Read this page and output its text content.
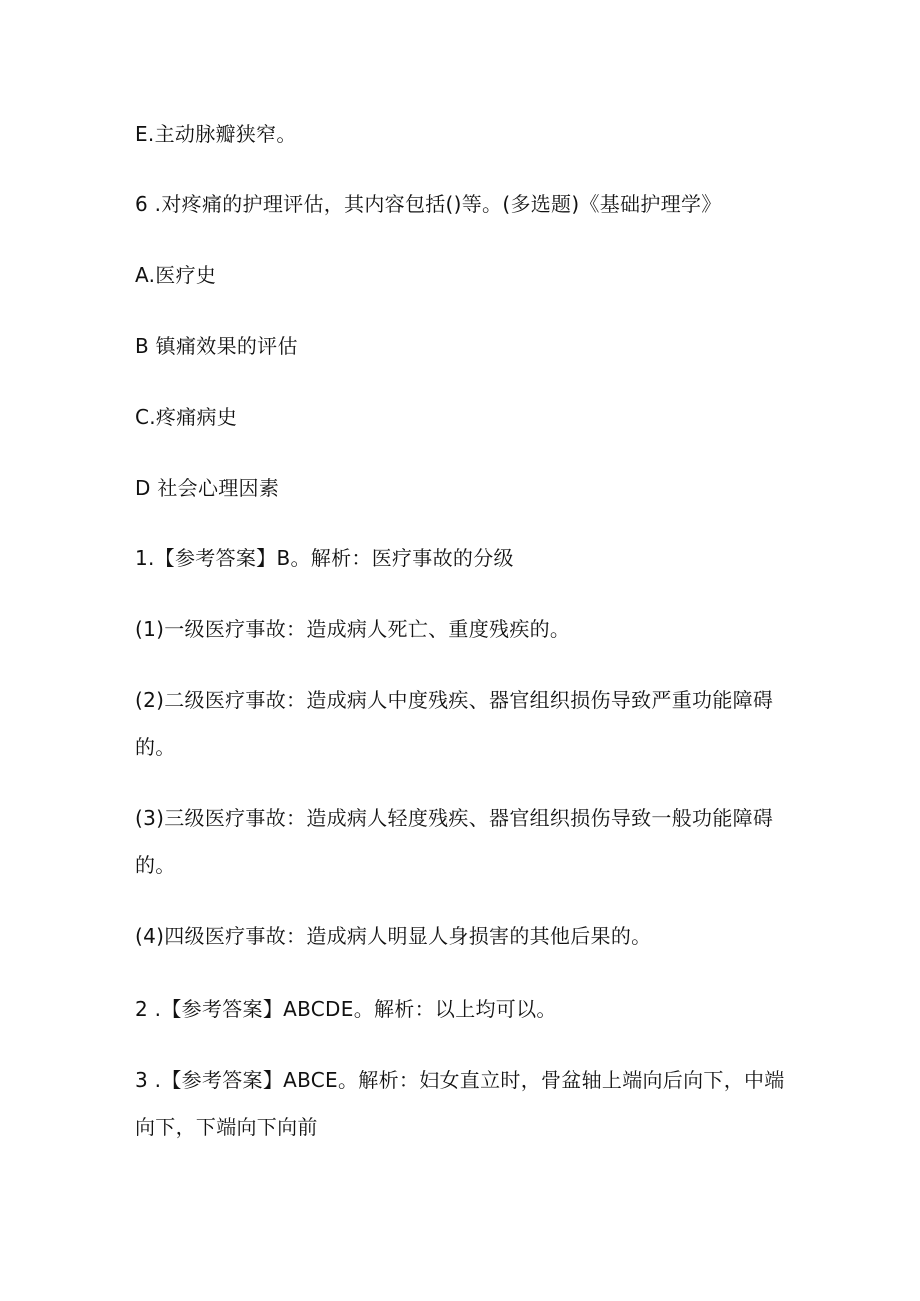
E.主动脉瓣狭窄。
6 .对疼痛的护理评估，其内容包括()等。(多选题)《基础护理学》
A.医疗史
B 镇痛效果的评估
C.疼痛病史
D 社会心理因素
1.【参考答案】B。解析：医疗事故的分级
(1)一级医疗事故：造成病人死亡、重度残疾的。
(2)二级医疗事故：造成病人中度残疾、器官组织损伤导致严重功能障碍
的。
(3)三级医疗事故：造成病人轻度残疾、器官组织损伤导致一般功能障碍
的。
(4)四级医疗事故：造成病人明显人身损害的其他后果的。
2 .【参考答案】ABCDE。解析：以上均可以。
3 .【参考答案】ABCE。解析：妇女直立时，骨盆轴上端向后向下，中端
向下，下端向下向前
